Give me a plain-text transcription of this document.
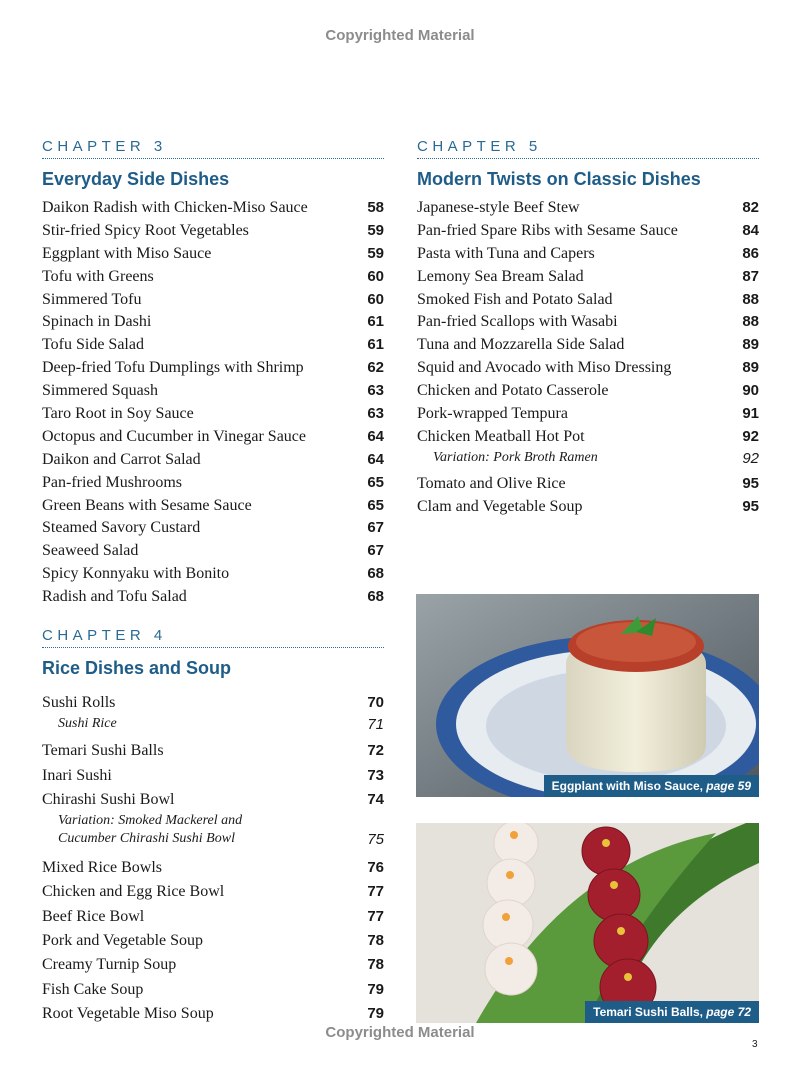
Copyrighted Material
CHAPTER 3
Everyday Side Dishes
Daikon Radish with Chicken-Miso Sauce	58
Stir-fried Spicy Root Vegetables	59
Eggplant with Miso Sauce	59
Tofu with Greens	60
Simmered Tofu	60
Spinach in Dashi	61
Tofu Side Salad	61
Deep-fried Tofu Dumplings with Shrimp	62
Simmered Squash	63
Taro Root in Soy Sauce	63
Octopus and Cucumber in Vinegar Sauce	64
Daikon and Carrot Salad	64
Pan-fried Mushrooms	65
Green Beans with Sesame Sauce	65
Steamed Savory Custard	67
Seaweed Salad	67
Spicy Konnyaku with Bonito	68
Radish and Tofu Salad	68
CHAPTER 4
Rice Dishes and Soup
Sushi Rolls	70
Sushi Rice	71
Temari Sushi Balls	72
Inari Sushi	73
Chirashi Sushi Bowl	74
Variation: Smoked Mackerel and Cucumber Chirashi Sushi Bowl	75
Mixed Rice Bowls	76
Chicken and Egg Rice Bowl	77
Beef Rice Bowl	77
Pork and Vegetable Soup	78
Creamy Turnip Soup	78
Fish Cake Soup	79
Root Vegetable Miso Soup	79
CHAPTER 5
Modern Twists on Classic Dishes
Japanese-style Beef Stew	82
Pan-fried Spare Ribs with Sesame Sauce	84
Pasta with Tuna and Capers	86
Lemony Sea Bream Salad	87
Smoked Fish and Potato Salad	88
Pan-fried Scallops with Wasabi	88
Tuna and Mozzarella Side Salad	89
Squid and Avocado with Miso Dressing	89
Chicken and Potato Casserole	90
Pork-wrapped Tempura	91
Chicken Meatball Hot Pot	92
Variation: Pork Broth Ramen	92
Tomato and Olive Rice	95
Clam and Vegetable Soup	95
Eggplant with Miso Sauce, page 59
Temari Sushi Balls, page 72
Copyrighted Material
3
